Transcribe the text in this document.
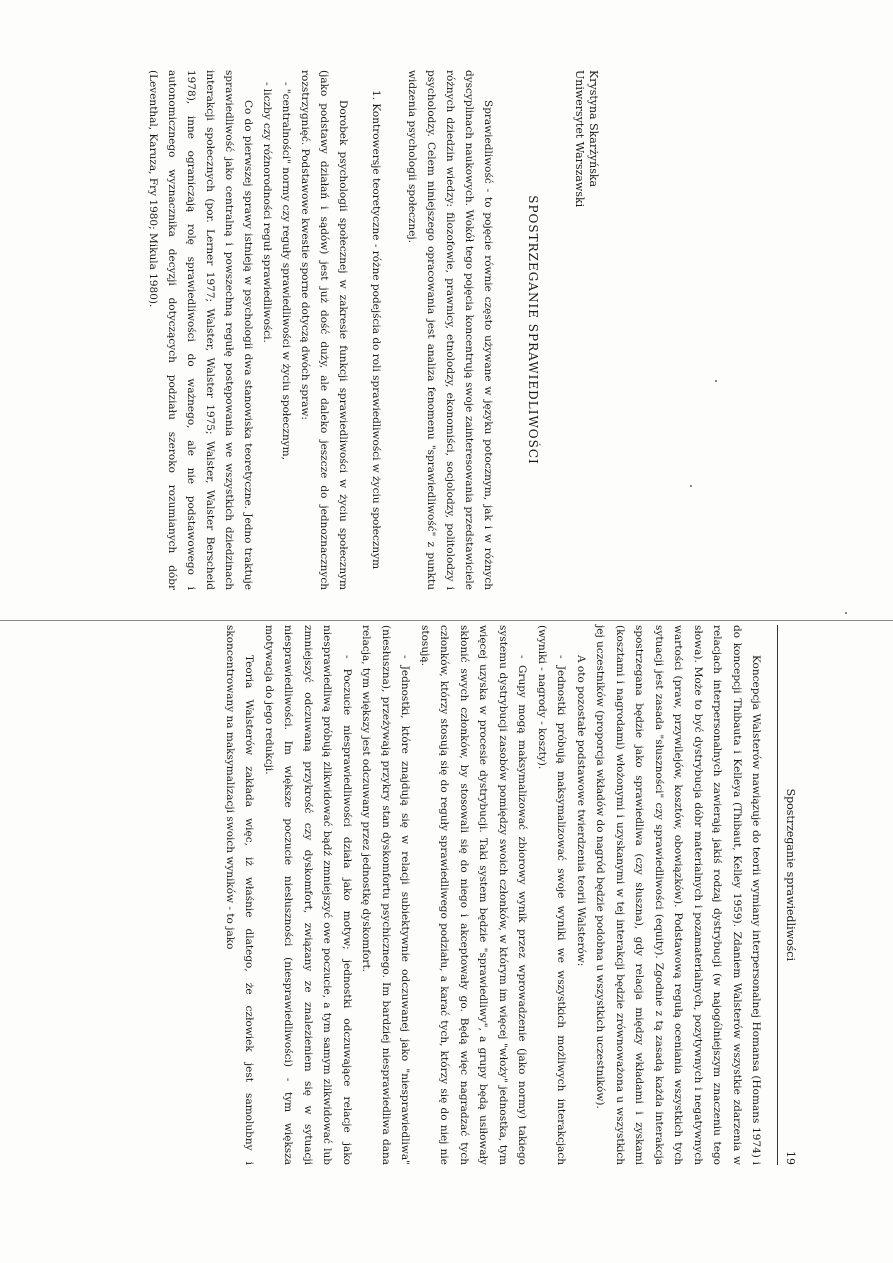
Krystyna Skarżyńska

Uniwersytet Warszawski

SPOSTRZEGANIE SPRAWIEDLIWOŚCI

Sprawiedliwość - to pojęcie równie często używane w języku potocznym, jak i w różnych dyscyplinach naukowych. Wokół tego pojęcia koncentrują swoje zainteresowania przedstawiciele różnych dziedzin wiedzy: filozofowie, prawnicy, etnolodzy, ekonomiści, socjolodzy, politolodzy i psycholodzy. Celem niniejszego opracowania jest analiza fenomenu "sprawiedliwość" z punktu widzenia psychologii społecznej.

1. Kontrowersje teoretyczne - różne podejścia do roli sprawiedliwości w życiu społecznym

Dorobek psychologii społecznej w zakresie funkcji sprawiedliwości w życiu społecznym (jako podstawy działań i sądów) jest już dość duży, ale daleko jeszcze do jednoznacznych rozstrzygnięć. Podstawowe kwestie sporne dotyczą dwóch spraw:

- "centralności" normy czy reguły sprawiedliwości w życiu społecznym,

- liczby czy różnorodności reguł sprawiedliwości.

Co do pierwszej sprawy istnieją w psychologii dwa stanowiska teoretyczne. Jedno traktuje sprawiedliwość jako centralną i powszechną regułę postępowania we wszystkich dziedzinach interakcji społecznych (por. Lerner 1977; Walster, Walster 1975; Walster, Walster Berscheid 1978), inne ograniczają rolę sprawiedliwości do ważnego, ale nie podstawowego i autonomicznego wyznacznika decyzji dotyczących podziału szeroko rozumianych dóbr (Leventhal, Karuza, Fry 1980; Mikula 1980).

Spostrzeganie sprawiedliwości
19

Koncepcja Walsterów nawiązuje do teorii wymiany interpersonalnej Homansa (Homans 1974) i do koncepcji Thibauta i Kelleya (Thibaut, Kelley 1959). Zdaniem Walsterów wszystkie zdarzenia w relacjach interpersonalnych zawierają jakiś rodzaj dystrybucji (w najogólniejszym znaczeniu tego słowa). Może to być dystrybucja dóbr materialnych i pozamaterialnych, pozytywnych i negatywnych wartości (praw, przywilejów, kosztów, obowiązków). Podstawową regułą oceniania wszystkich tych sytuacji jest zasada "słuszności" czy sprawiedliwości (equity). Zgodnie z tą zasadą każda interakcja spostrzegana będzie jako sprawiedliwa (czy słuszna), gdy relacja między wkładami i zyskami (kosztami i nagrodami) włożonymi i uzyskanymi w tej interakcji będzie zrównoważona u wszystkich jej uczestników (proporcja wkładów do nagród będzie podobna u wszystkich uczestników).

A oto pozostałe podstawowe twierdzenia teorii Walsterów:

- Jednostki próbują maksymalizować swoje wyniki we wszystkich możliwych interakcjach (wyniki - nagrody - koszty).

- Grupy mogą maksymalizować zbiorowy wynik przez wprowadzenie (jako normy) takiego systemu dystrybucji zasobów pomiędzy swoich członków, w którym im więcej "włoży" jednostka, tym więcej uzyska w procesie dystrybucji. Taki system będzie "sprawiedliwy", a grupy będą usiłowały skłonić swych członków, by stosowali się do niego i akceptowały go. Będą więc nagradzać tych członków, którzy stosują się do reguły sprawiedliwego podziału, a karać tych, którzy się do niej nie stosują.

- Jednostki, które znajdują się w relacji subiektywnie odczuwanej jako "niesprawiedliwa" (niesłuszna), przeżywają przykry stan dyskomfortu psychicznego. Im bardziej niesprawiedliwa dana relacja, tym większy jest odczuwany przez jednostkę dyskomfort.

- Poczucie niesprawiedliwości działa jako motyw; jednostki odczuwające relacje jako niesprawiedliwą próbują zlikwidować bądź zmniejszyć owe poczucie, a tym samym zlikwidować lub zmniejszyć odczuwaną przykrość czy dyskomfort, związany ze znalezieniem się w sytuacji niesprawiedliwości. Im większe poczucie niesłuszności (niesprawiedliwości) - tym większa motywacja do jego redukcji.

Teoria Walsterów zakłada więc, iż właśnie dlatego, że człowiek jest samolubny i skoncentrowany na maksymalizacji swoich wyników - to jako
